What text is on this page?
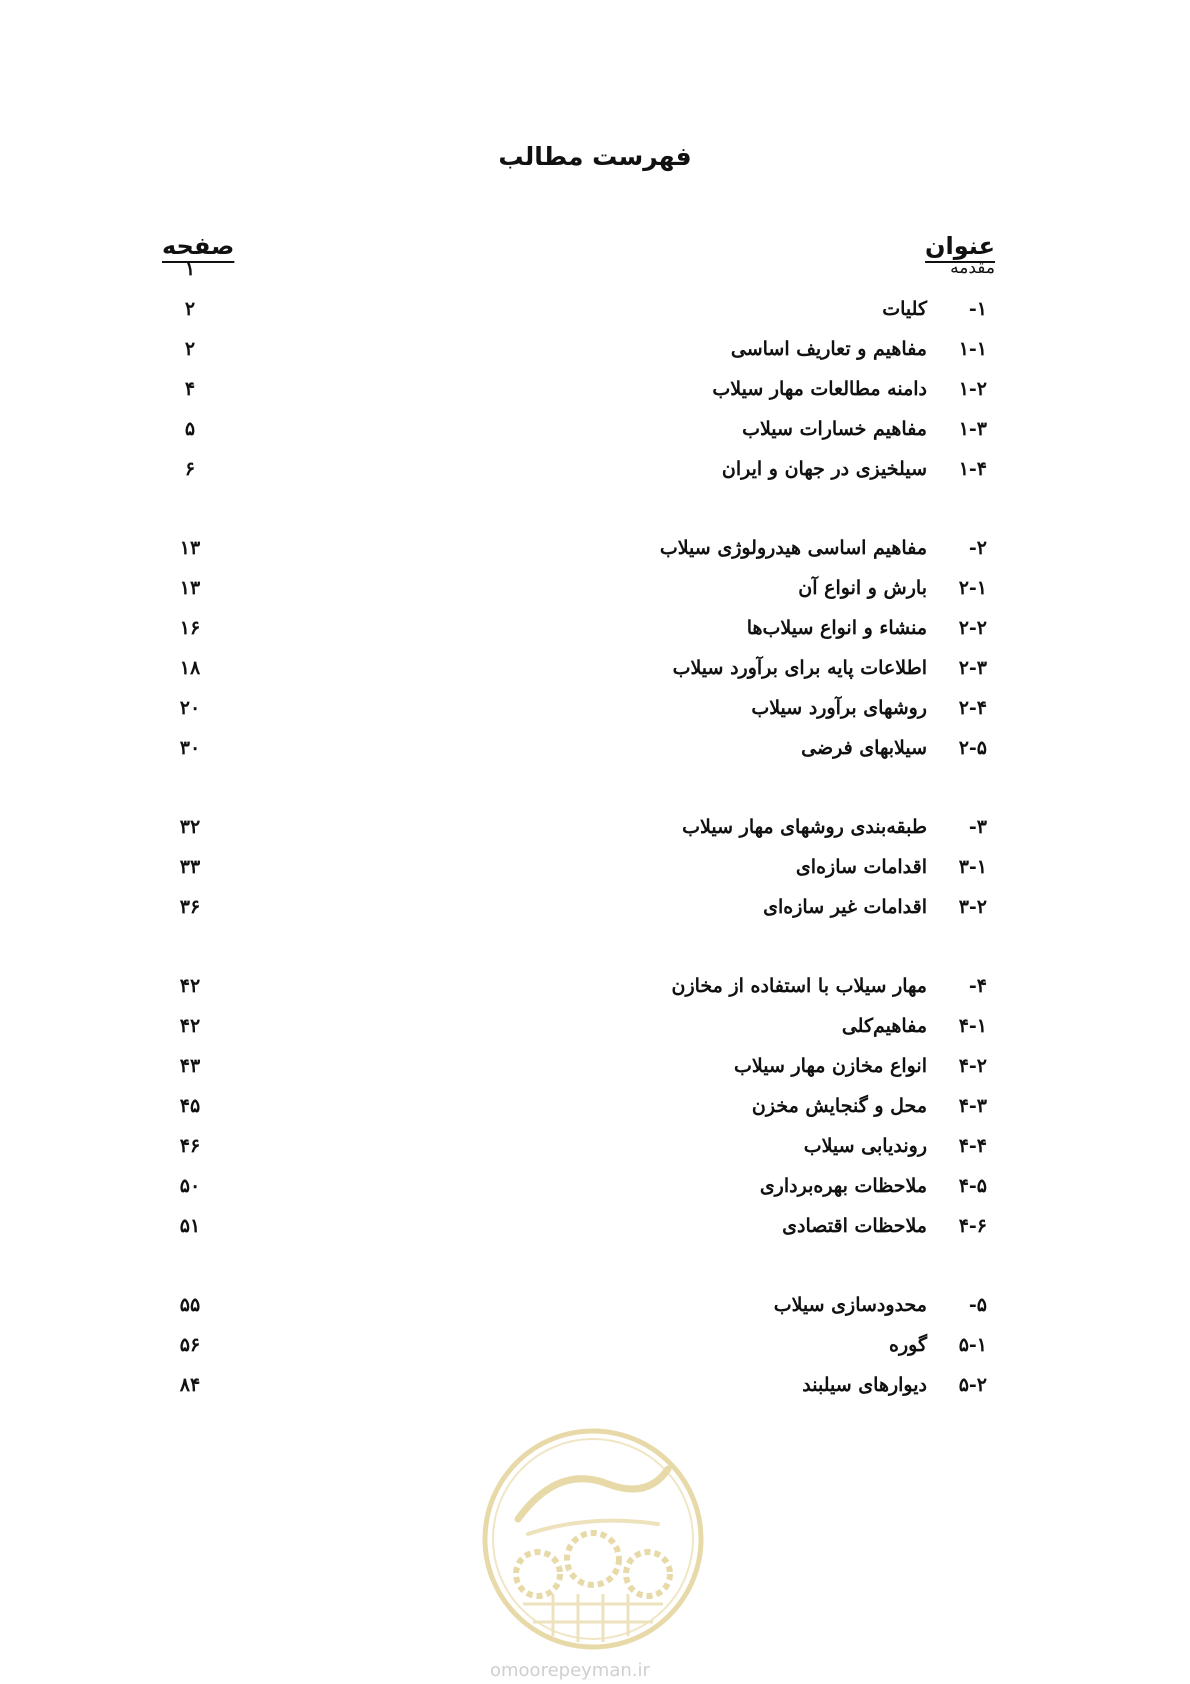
فهرست مطالب
عنوان
صفحه
مقدمه
۱
-۱
کلیات
۲
۱-۱
مفاهیم و تعاریف اساسی
۲
۱-۲
دامنه مطالعات مهار سیلاب
۴
۱-۳
مفاهیم خسارات سیلاب
۵
۱-۴
سیلخیزی در جهان و ایران
۶
-۲
مفاهیم اساسی هیدرولوژی سیلاب
۱۳
۲-۱
بارش و انواع آن
۱۳
۲-۲
منشاء و انواع سیلاب‌ها
۱۶
۲-۳
اطلاعات پایه برای برآورد سیلاب
۱۸
۲-۴
روشهای برآورد سیلاب
۲۰
۲-۵
سیلابهای فرضی
۳۰
-۳
طبقه‌بندی روشهای مهار سیلاب
۳۲
۳-۱
اقدامات سازه‌ای
۳۳
۳-۲
اقدامات غیر سازه‌ای
۳۶
-۴
مهار سیلاب با استفاده از مخازن
۴۲
۴-۱
مفاهیم‌کلی
۴۲
۴-۲
انواع مخازن مهار سیلاب
۴۳
۴-۳
محل و گنجایش مخزن
۴۵
۴-۴
روندیابی سیلاب
۴۶
۴-۵
ملاحظات بهره‌برداری
۵۰
۴-۶
ملاحظات اقتصادی
۵۱
-۵
محدودسازی سیلاب
۵۵
۵-۱
گوره
۵۶
۵-۲
دیوارهای سیلبند
۸۴
omoorepeyman.ir
